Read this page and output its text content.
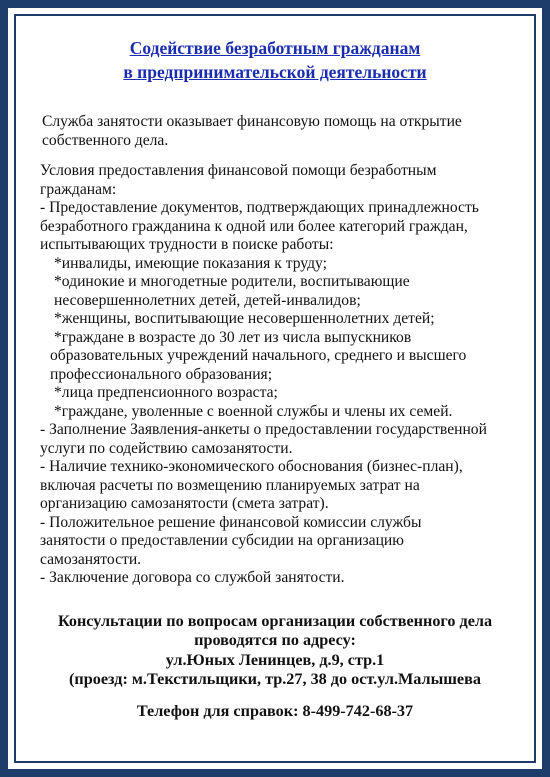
Содействие безработным гражданам
в предпринимательской деятельности
Служба занятости оказывает финансовую помощь на открытие
собственного дела.
Условия предоставления финансовой помощи безработным
гражданам:
- Предоставление документов, подтверждающих принадлежность
безработного гражданина к одной или более категорий граждан,
испытывающих трудности в поиске работы:
*инвалиды, имеющие показания к труду;
*одинокие и многодетные родители, воспитывающие
несовершеннолетних детей, детей-инвалидов;
*женщины, воспитывающие несовершеннолетних детей;
*граждане в возрасте до 30 лет из числа выпускников
образовательных учреждений начального, среднего и высшего
профессионального образования;
*лица предпенсионного возраста;
*граждане, уволенные с военной службы и члены их семей.
- Заполнение Заявления-анкеты о предоставлении государственной
услуги по содействию самозанятости.
- Наличие технико-экономического обоснования (бизнес-план),
включая расчеты по возмещению планируемых затрат на
организацию самозанятости (смета затрат).
- Положительное решение финансовой комиссии службы
занятости о предоставлении субсидии на организацию
самозанятости.
- Заключение договора со службой занятости.
Консультации по вопросам организации собственного дела
проводятся по адресу:
ул.Юных Ленинцев, д.9, стр.1
(проезд: м.Текстильщики, тр.27, 38 до ост.ул.Малышева
Телефон для справок: 8-499-742-68-37
